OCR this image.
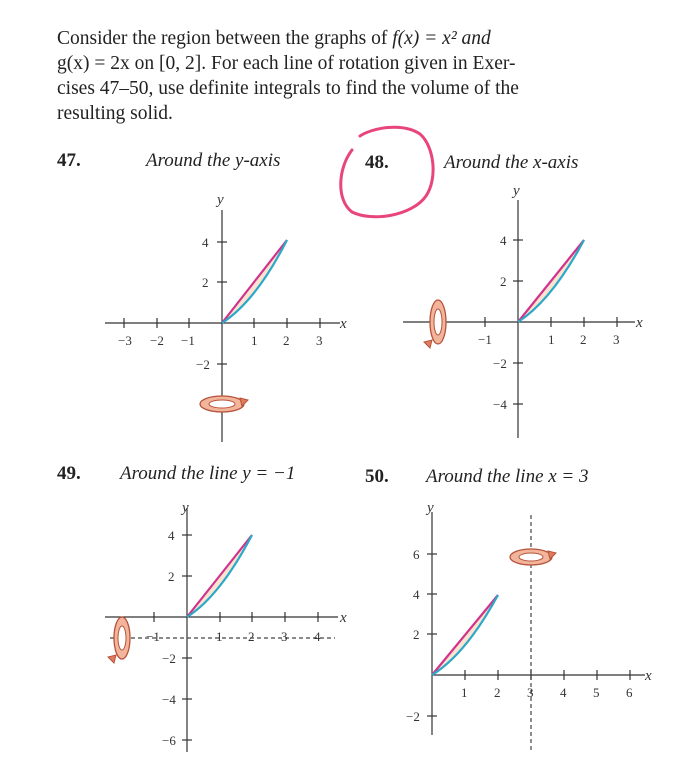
Consider the region between the graphs of f(x) = x² and
g(x) = 2x on [0, 2]. For each line of rotation given in Exer-
cises 47–50, use definite integrals to find the volume of the
resulting solid.

47.	Around the y-axis	48.	Around the x-axis
49. Around the line y = −1	50. Around the line x = 3
−3 −2 −1	1 2 3
4
2
−2
x
y
−1	1 2 3
4
2
−2
−4
x
y
−1	1 2 3 4
4
2
−2
−4
−6
x
y
1 2 3 4 5 6
6
4
2
−2
x
y
